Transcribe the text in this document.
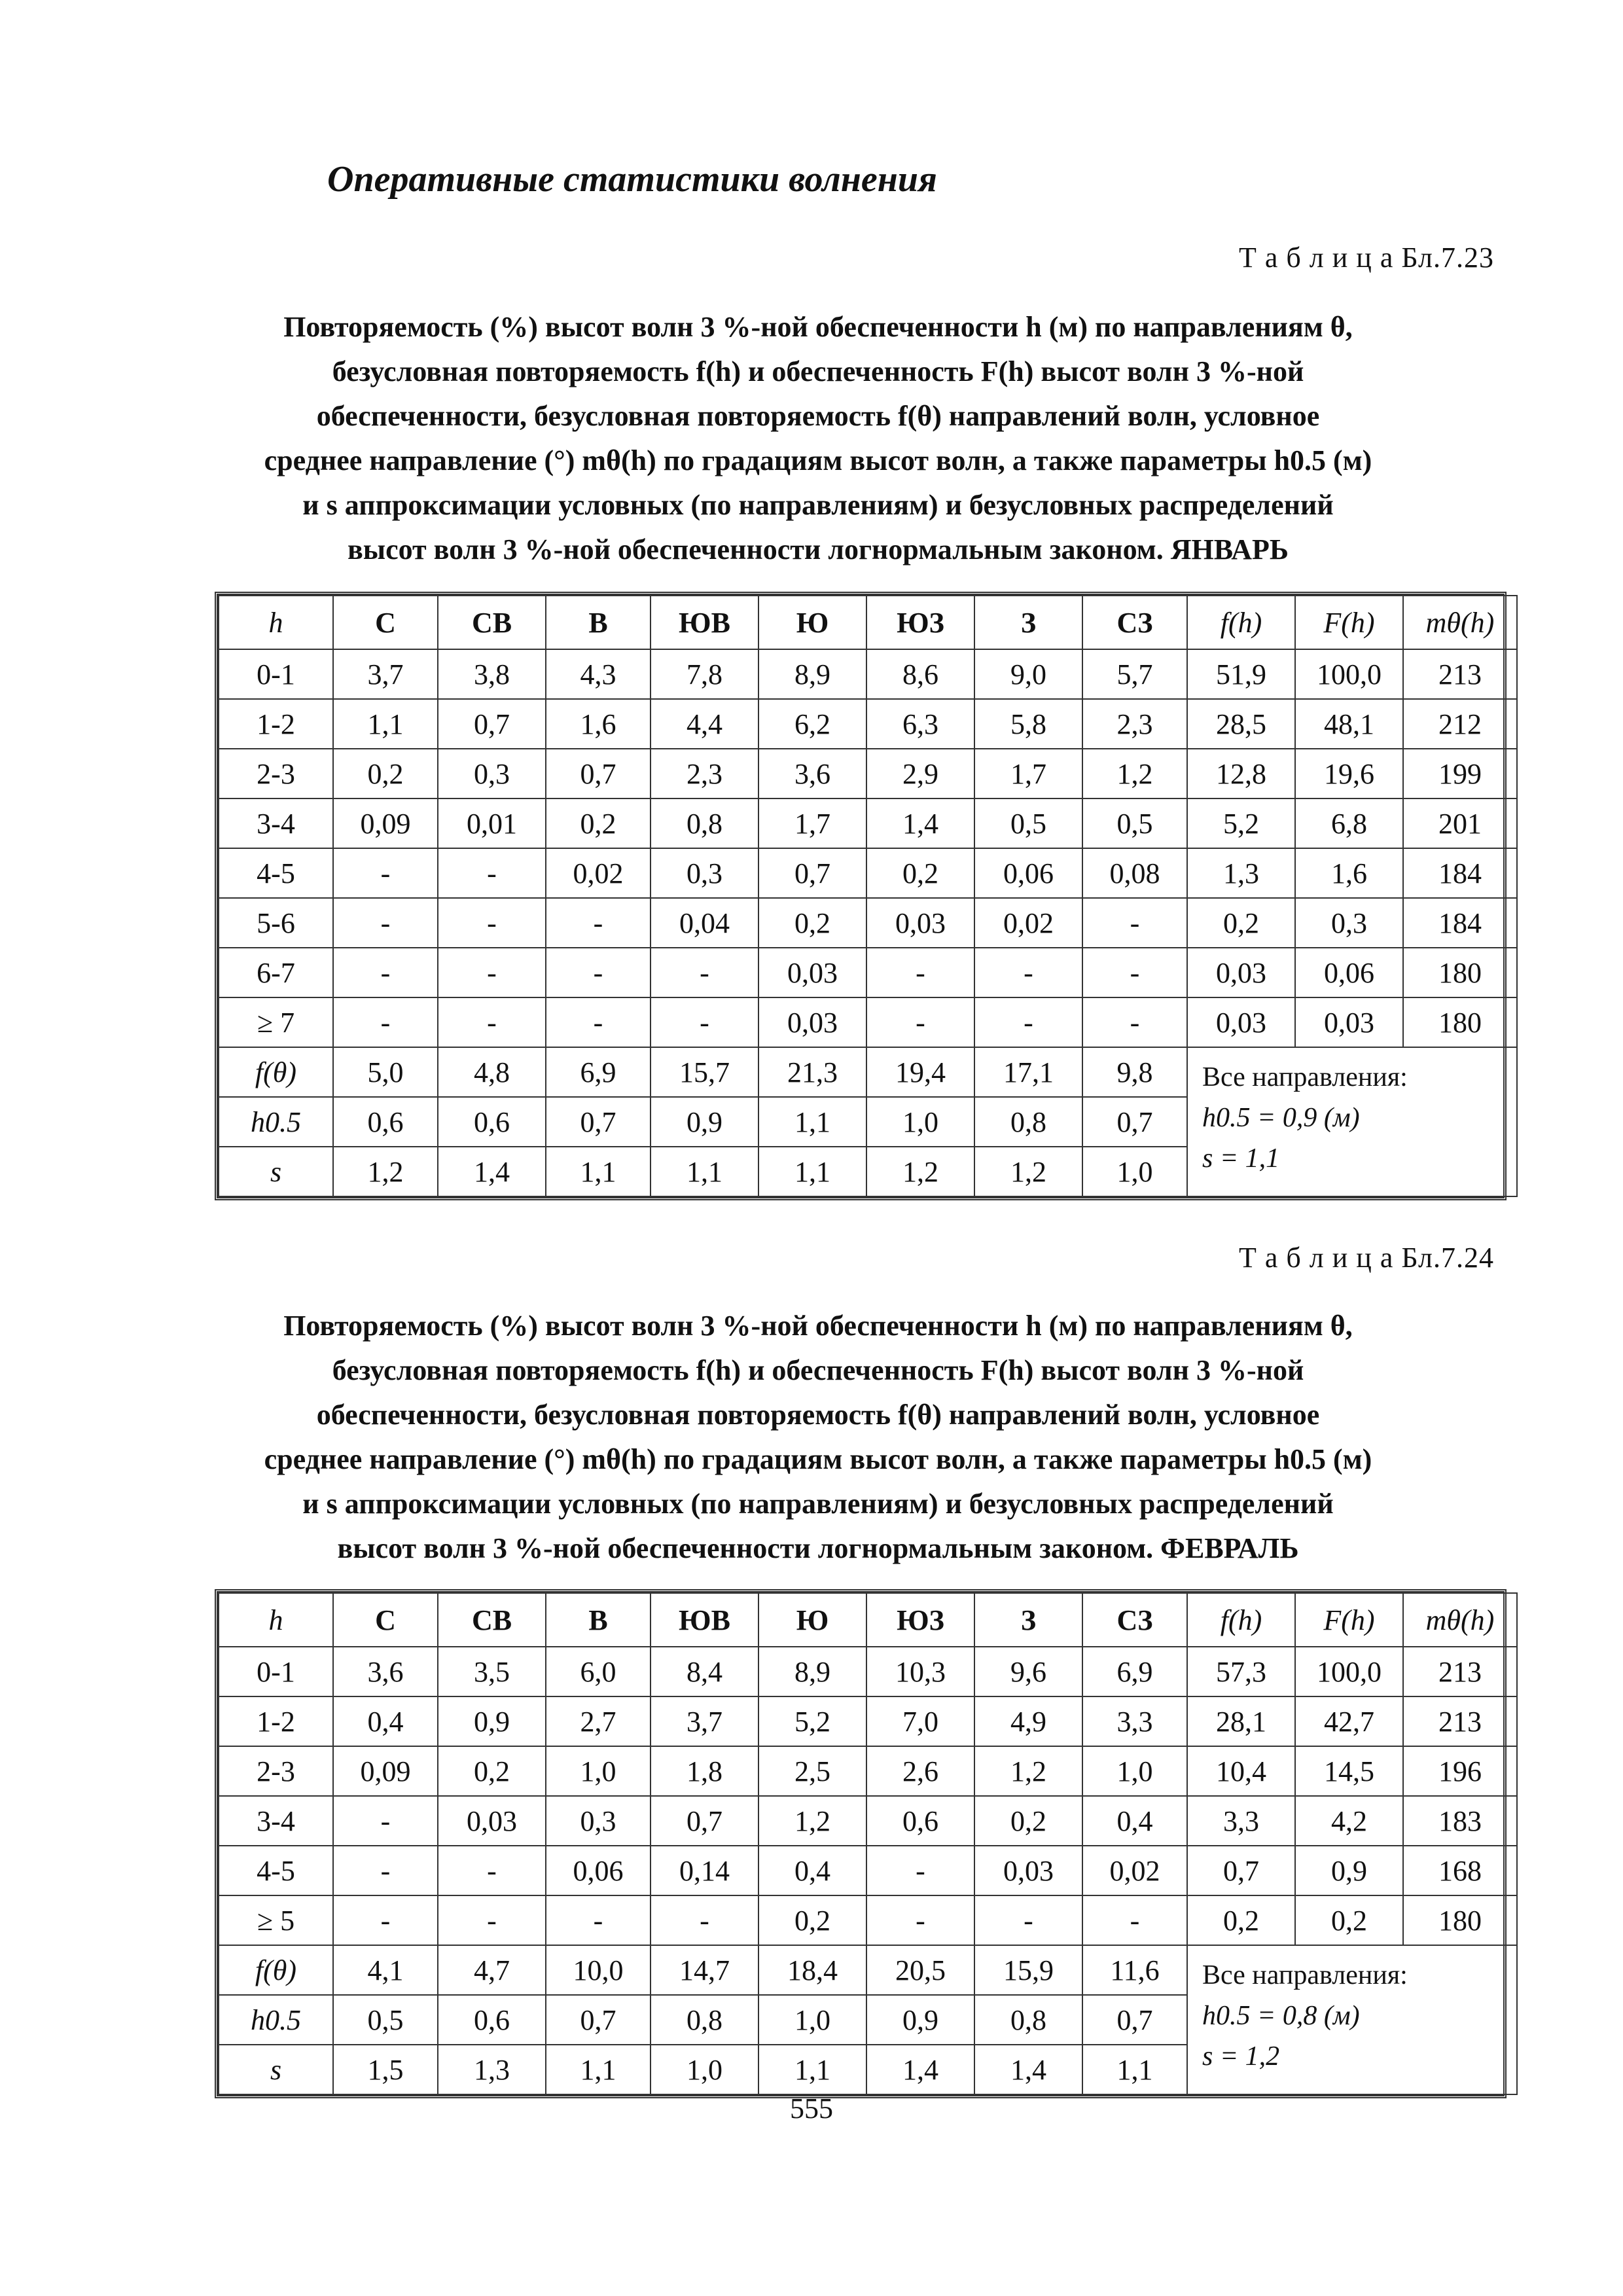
Оперативные статистики волнения

Т а б л и ц а Бл.7.23

Повторяемость (%) высот волн 3 %-ной обеспеченности h (м) по направлениям θ,
безусловная повторяемость f(h) и обеспеченность F(h) высот волн 3 %-ной
обеспеченности, безусловная повторяемость f(θ) направлений волн, условное
среднее направление (°) mθ(h) по градациям высот волн, а также параметры h0.5 (м)
и s аппроксимации условных (по направлениям) и безусловных распределений
высот волн 3 %-ной обеспеченности логнормальным законом. ЯНВАРЬ

h	С	СВ	В	ЮВ	Ю	ЮЗ	З	СЗ	f(h)	F(h)	mθ(h)
0-1	3,7	3,8	4,3	7,8	8,9	8,6	9,0	5,7	51,9	100,0	213
1-2	1,1	0,7	1,6	4,4	6,2	6,3	5,8	2,3	28,5	48,1	212
2-3	0,2	0,3	0,7	2,3	3,6	2,9	1,7	1,2	12,8	19,6	199
3-4	0,09	0,01	0,2	0,8	1,7	1,4	0,5	0,5	5,2	6,8	201
4-5	-	-	0,02	0,3	0,7	0,2	0,06	0,08	1,3	1,6	184
5-6	-	-	-	0,04	0,2	0,03	0,02	-	0,2	0,3	184
6-7	-	-	-	-	0,03	-	-	-	0,03	0,06	180
≥ 7	-	-	-	-	0,03	-	-	-	0,03	0,03	180
f(θ)	5,0	4,8	6,9	15,7	21,3	19,4	17,1	9,8	Все направления:
h0.5 = 0,9 (м)
s = 1,1		

h0.5	0,6	0,6	0,7	0,9	1,1	1,0	0,8	0,7			
s	1,2	1,4	1,1	1,1	1,1	1,2	1,2	1,0			

Т а б л и ц а Бл.7.24

Повторяемость (%) высот волн 3 %-ной обеспеченности h (м) по направлениям θ,
безусловная повторяемость f(h) и обеспеченность F(h) высот волн 3 %-ной
обеспеченности, безусловная повторяемость f(θ) направлений волн, условное
среднее направление (°) mθ(h) по градациям высот волн, а также параметры h0.5 (м)
и s аппроксимации условных (по направлениям) и безусловных распределений
высот волн 3 %-ной обеспеченности логнормальным законом. ФЕВРАЛЬ

h	С	СВ	В	ЮВ	Ю	ЮЗ	З	СЗ	f(h)	F(h)	mθ(h)
0-1	3,6	3,5	6,0	8,4	8,9	10,3	9,6	6,9	57,3	100,0	213
1-2	0,4	0,9	2,7	3,7	5,2	7,0	4,9	3,3	28,1	42,7	213
2-3	0,09	0,2	1,0	1,8	2,5	2,6	1,2	1,0	10,4	14,5	196
3-4	-	0,03	0,3	0,7	1,2	0,6	0,2	0,4	3,3	4,2	183
4-5	-	-	0,06	0,14	0,4	-	0,03	0,02	0,7	0,9	168
≥ 5	-	-	-	-	0,2	-	-	-	0,2	0,2	180
f(θ)	4,1	4,7	10,0	14,7	18,4	20,5	15,9	11,6	Все направления:
h0.5 = 0,8 (м)
s = 1,2		

h0.5	0,5	0,6	0,7	0,8	1,0	0,9	0,8	0,7			
s	1,5	1,3	1,1	1,0	1,1	1,4	1,4	1,1			

555
